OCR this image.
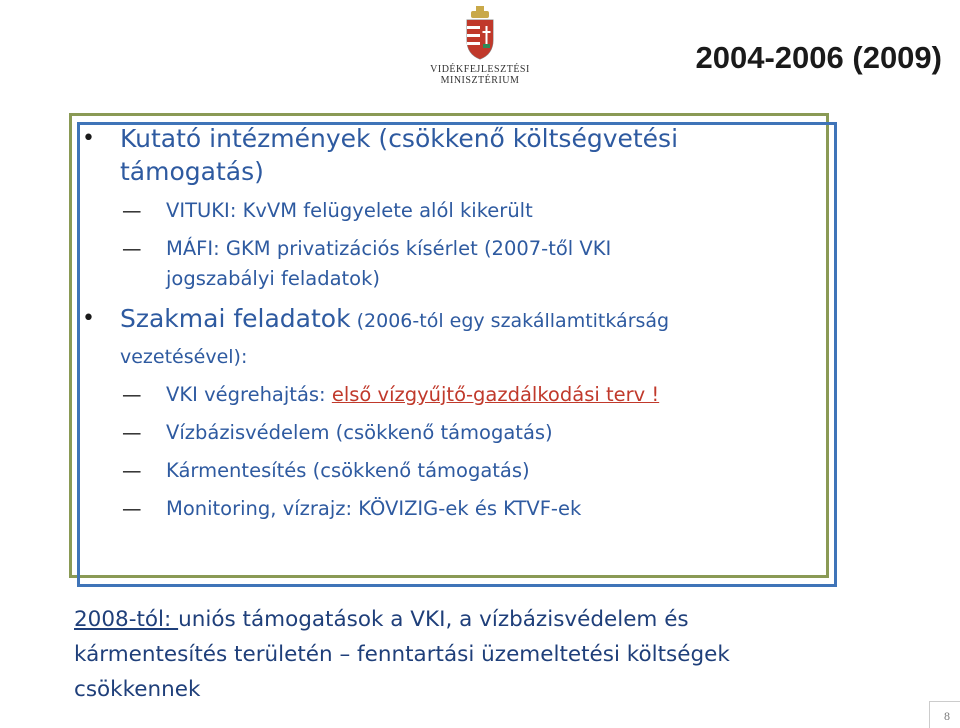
VIDÉKFEJLESZTÉSI
MINISZTÉRIUM
2004-2006 (2009)
• Kutató intézmények (csökkenő költségvetési
támogatás)
— VITUKI: KvVM felügyelete alól kikerült
— MÁFI: GKM privatizációs kísérlet (2007-től VKI
jogszabályi feladatok)
• Szakmai feladatok (2006-tól egy szakállamtitkárság
vezetésével):
— VKI végrehajtás: első vízgyűjtő-gazdálkodási terv !
— Vízbázisvédelem (csökkenő támogatás)
— Kármentesítés (csökkenő támogatás)
— Monitoring, vízrajz: KÖVIZIG-ek és KTVF-ek
2008-tól: uniós támogatások a VKI, a vízbázisvédelem és
kármentesítés területén – fenntartási üzemeltetési költségek
csökkennek
8
